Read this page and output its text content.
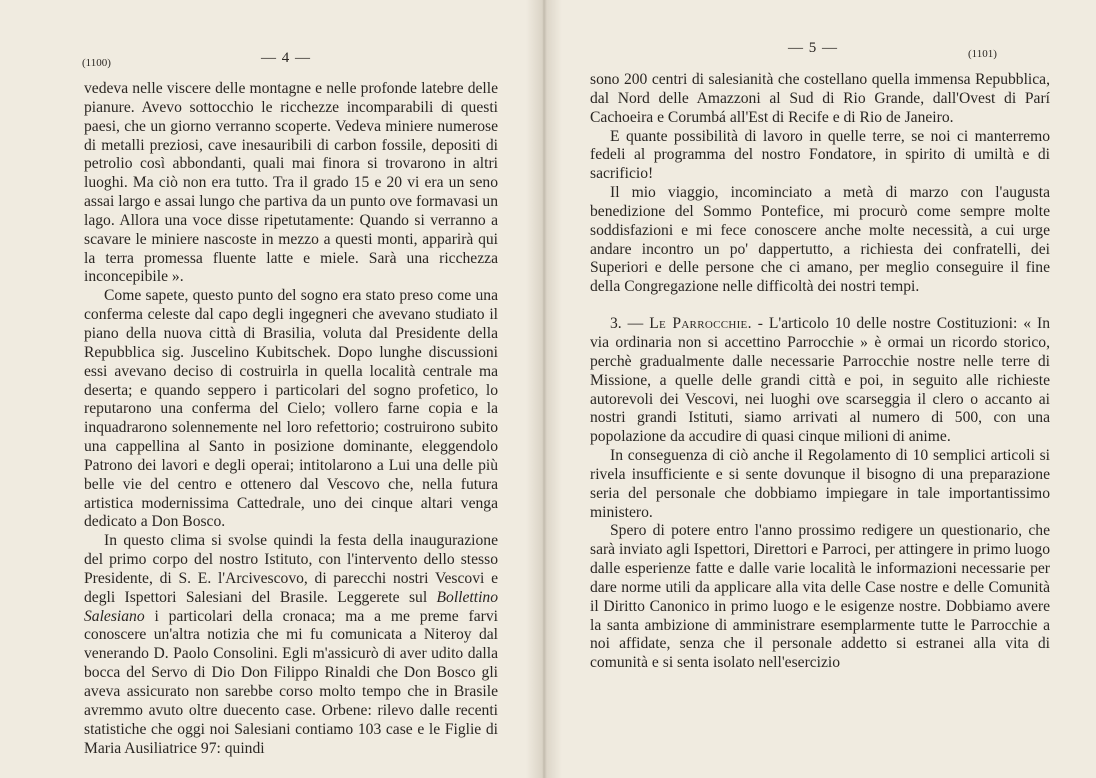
(1100)	— 4 —

vedeva nelle viscere delle montagne e nelle profonde latebre delle pianure. Avevo sottocchio le ricchezze incomparabili di questi paesi, che un giorno verranno scoperte. Vedeva miniere numerose di metalli preziosi, cave inesauribili di carbon fossile, depositi di petrolio così abbondanti, quali mai finora si trovarono in altri luoghi. Ma ciò non era tutto. Tra il grado 15 e 20 vi era un seno assai largo e assai lungo che partiva da un punto ove formavasi un lago. Allora una voce disse ripetutamente: Quando si verranno a scavare le miniere nascoste in mezzo a questi monti, apparirà qui la terra promessa fluente latte e miele. Sarà una ricchezza inconcepibile ».

Come sapete, questo punto del sogno era stato preso come una conferma celeste dal capo degli ingegneri che avevano studiato il piano della nuova città di Brasilia, voluta dal Presidente della Repubblica sig. Juscelino Kubitschek. Dopo lunghe discussioni essi avevano deciso di costruirla in quella località centrale ma deserta; e quando seppero i particolari del sogno profetico, lo reputarono una conferma del Cielo; vollero farne copia e la inquadrarono solennemente nel loro refettorio; costruirono subito una cappellina al Santo in posizione dominante, eleggendolo Patrono dei lavori e degli operai; intitolarono a Lui una delle più belle vie del centro e ottenero dal Vescovo che, nella futura artistica modernissima Cattedrale, uno dei cinque altari venga dedicato a Don Bosco.

In questo clima si svolse quindi la festa della inaugurazione del primo corpo del nostro Istituto, con l'intervento dello stesso Presidente, di S. E. l'Arcivescovo, di parecchi nostri Vescovi e degli Ispettori Salesiani del Brasile. Leggerete sul Bollettino Salesiano i particolari della cronaca; ma a me preme farvi conoscere un'altra notizia che mi fu comunicata a Niteroy dal venerando D. Paolo Consolini. Egli m'assicurò di aver udito dalla bocca del Servo di Dio Don Filippo Rinaldi che Don Bosco gli aveva assicurato non sarebbe corso molto tempo che in Brasile avremmo avuto oltre duecento case. Orbene: rilevo dalle recenti statistiche che oggi noi Salesiani contiamo 103 case e le Figlie di Maria Ausiliatrice 97: quindi

— 5 —	(1101)

sono 200 centri di salesianità che costellano quella immensa Repubblica, dal Nord delle Amazzoni al Sud di Rio Grande, dall'Ovest di Parí Cachoeira e Corumbá all'Est di Recife e di Rio de Janeiro.

E quante possibilità di lavoro in quelle terre, se noi ci manterremo fedeli al programma del nostro Fondatore, in spirito di umiltà e di sacrificio!

Il mio viaggio, incominciato a metà di marzo con l'augusta benedizione del Sommo Pontefice, mi procurò come sempre molte soddisfazioni e mi fece conoscere anche molte necessità, a cui urge andare incontro un po' dappertutto, a richiesta dei confratelli, dei Superiori e delle persone che ci amano, per meglio conseguire il fine della Congregazione nelle difficoltà dei nostri tempi.

3. — Le Parrocchie. - L'articolo 10 delle nostre Costituzioni: « In via ordinaria non si accettino Parrocchie » è ormai un ricordo storico, perchè gradualmente dalle necessarie Parrocchie nostre nelle terre di Missione, a quelle delle grandi città e poi, in seguito alle richieste autorevoli dei Vescovi, nei luoghi ove scarseggia il clero o accanto ai nostri grandi Istituti, siamo arrivati al numero di 500, con una popolazione da accudire di quasi cinque milioni di anime.

In conseguenza di ciò anche il Regolamento di 10 semplici articoli si rivela insufficiente e si sente dovunque il bisogno di una preparazione seria del personale che dobbiamo impiegare in tale importantissimo ministero.

Spero di potere entro l'anno prossimo redigere un questionario, che sarà inviato agli Ispettori, Direttori e Parroci, per attingere in primo luogo dalle esperienze fatte e dalle varie località le informazioni necessarie per dare norme utili da applicare alla vita delle Case nostre e delle Comunità il Diritto Canonico in primo luogo e le esigenze nostre. Dobbiamo avere la santa ambizione di amministrare esemplarmente tutte le Parrocchie a noi affidate, senza che il personale addetto si estranei alla vita di comunità e si senta isolato nell'esercizio
